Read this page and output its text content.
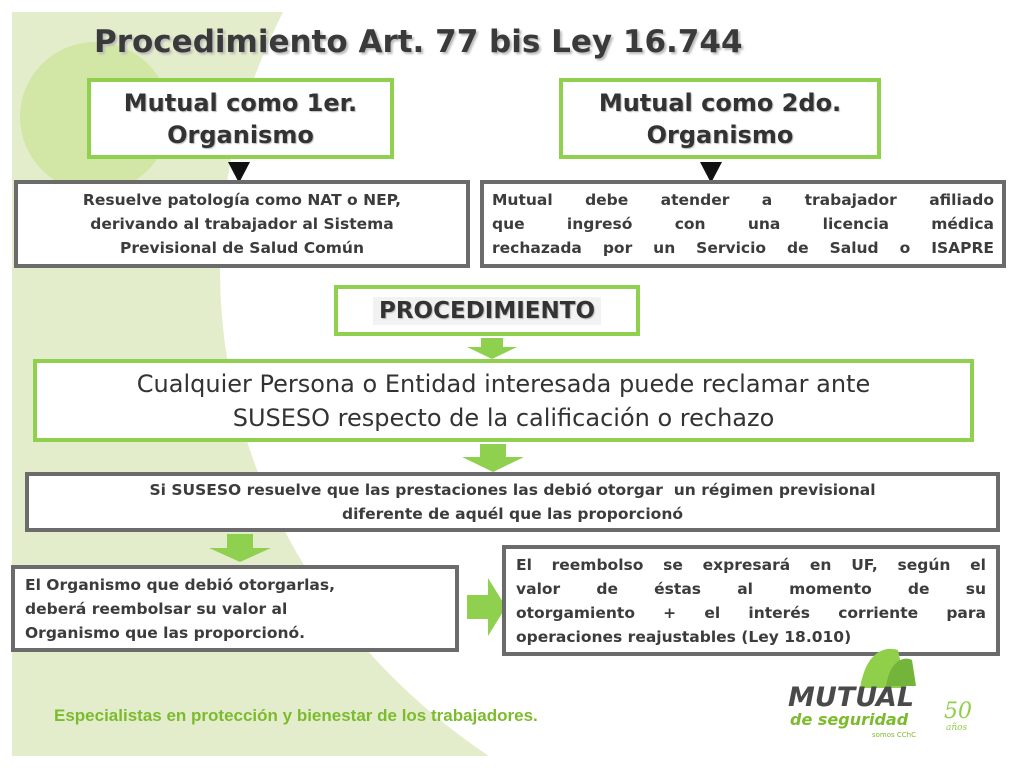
Procedimiento Art. 77 bis Ley 16.744
Mutual como 1er.
Organismo
Mutual como 2do.
Organismo
Resuelve patología como NAT o NEP,
derivando al trabajador al Sistema
Previsional de Salud Común
Mutual debe atender a trabajador afiliado
que ingresó con una licencia médica
rechazada por un Servicio de Salud o ISAPRE
PROCEDIMIENTO
Cualquier Persona o Entidad interesada puede reclamar ante
SUSESO respecto de la calificación o rechazo
Si SUSESO resuelve que las prestaciones las debió otorgar  un régimen previsional
diferente de aquél que las proporcionó
El Organismo que debió otorgarlas,
deberá reembolsar su valor al
Organismo que las proporcionó.
El reembolso se expresará en UF, según el
valor de éstas al momento de su
otorgamiento + el interés corriente para
operaciones reajustables (Ley 18.010)
Especialistas en protección y bienestar de los trabajadores.
MUTUAL
de seguridad
somos CChC
50
años
